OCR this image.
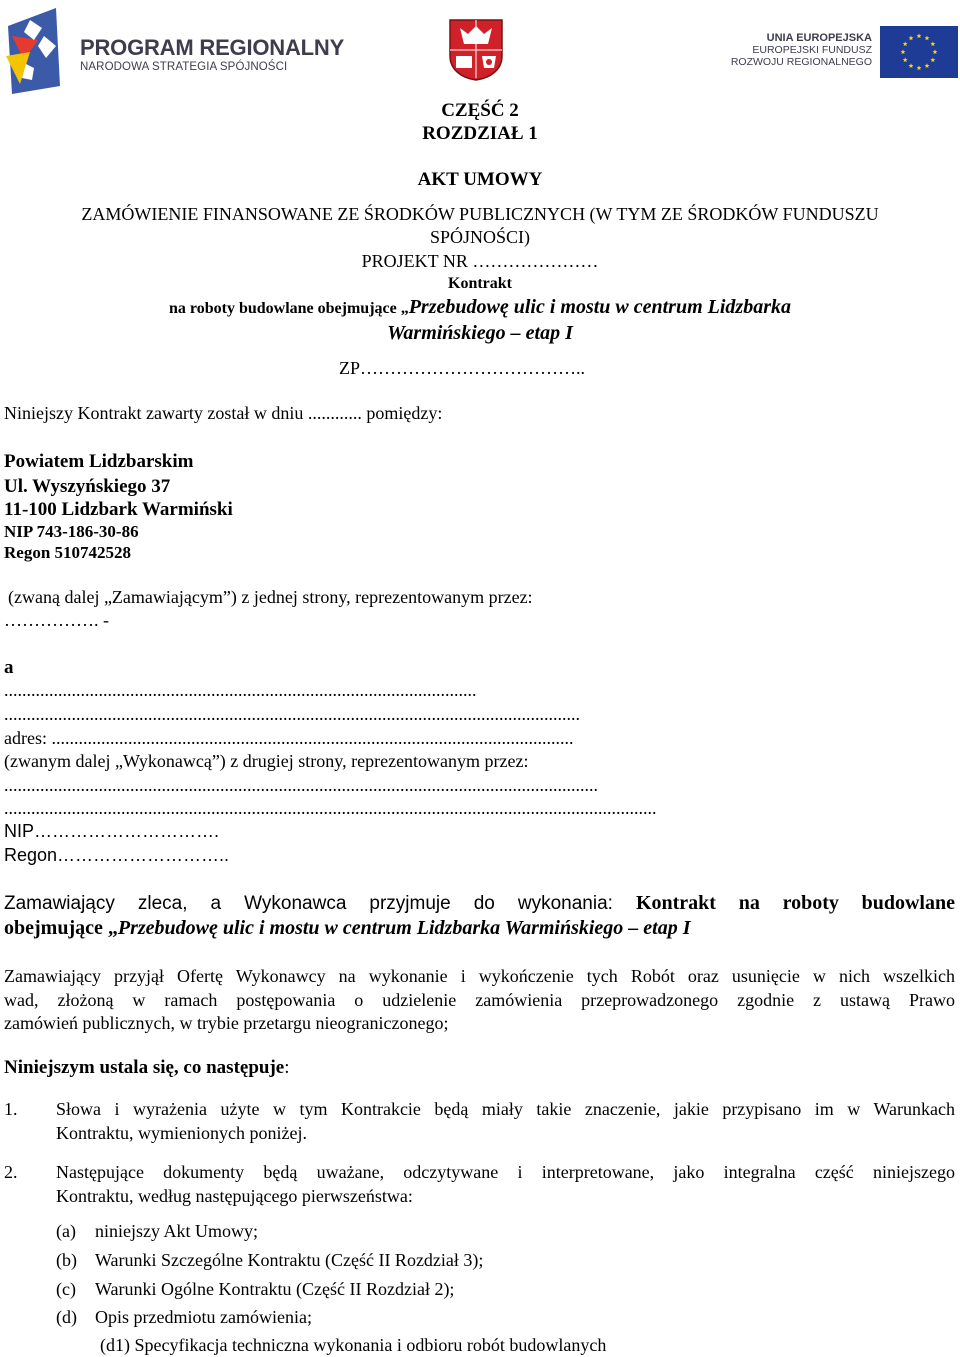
PROGRAM REGIONALNY
NARODOWA STRATEGIA SPÓJNOŚCI
UNIA EUROPEJSKA
EUROPEJSKI FUNDUSZ
ROZWOJU REGIONALNEGO
CZĘŚĆ 2
ROZDZIAŁ 1
AKT UMOWY
ZAMÓWIENIE FINANSOWANE ZE ŚRODKÓW PUBLICZNYCH (W TYM ZE ŚRODKÓW FUNDUSZU
SPÓJNOŚCI)
PROJEKT NR …………………
Kontrakt
na roboty budowlane obejmujące „Przebudowę ulic i mostu w centrum Lidzbarka
Warmińskiego – etap I
ZP………………………………..
Niniejszy Kontrakt zawarty został w dniu ............ pomiędzy:
Powiatem Lidzbarskim
Ul. Wyszyńskiego 37
11-100 Lidzbark Warmiński
NIP 743-186-30-86
Regon 510742528
(zwaną dalej „Zamawiającym”) z jednej strony, reprezentowanym przez:
……………. -
a
.........................................................................................................
................................................................................................................................
adres: ....................................................................................................................
(zwanym dalej „Wykonawcą”) z drugiej strony, reprezentowanym przez:
....................................................................................................................................
.................................................................................................................................................
NIP………………………….
Regon………………………..
Zamawiający zleca, a Wykonawca przyjmuje do wykonania: Kontrakt na roboty budowlane
obejmujące „Przebudowę ulic i mostu w centrum Lidzbarka Warmińskiego – etap I
Zamawiający przyjął Ofertę Wykonawcy na wykonanie i wykończenie tych Robót oraz usunięcie w nich wszelkich
wad, złożoną w ramach postępowania o udzielenie zamówienia przeprowadzonego zgodnie z ustawą Prawo
zamówień publicznych, w trybie przetargu nieograniczonego;
Niniejszym ustala się, co następuje:
1. Słowa i wyrażenia użyte w tym Kontrakcie będą miały takie znaczenie, jakie przypisano im w Warunkach
Kontraktu, wymienionych poniżej.
2. Następujące dokumenty będą uważane, odczytywane i interpretowane, jako integralna część niniejszego
Kontraktu, według następującego pierwszeństwa:
(a) niniejszy Akt Umowy;
(b) Warunki Szczególne Kontraktu (Część II Rozdział 3);
(c) Warunki Ogólne Kontraktu (Część II Rozdział 2);
(d) Opis przedmiotu zamówienia;
(d1) Specyfikacja techniczna wykonania i odbioru robót budowlanych
